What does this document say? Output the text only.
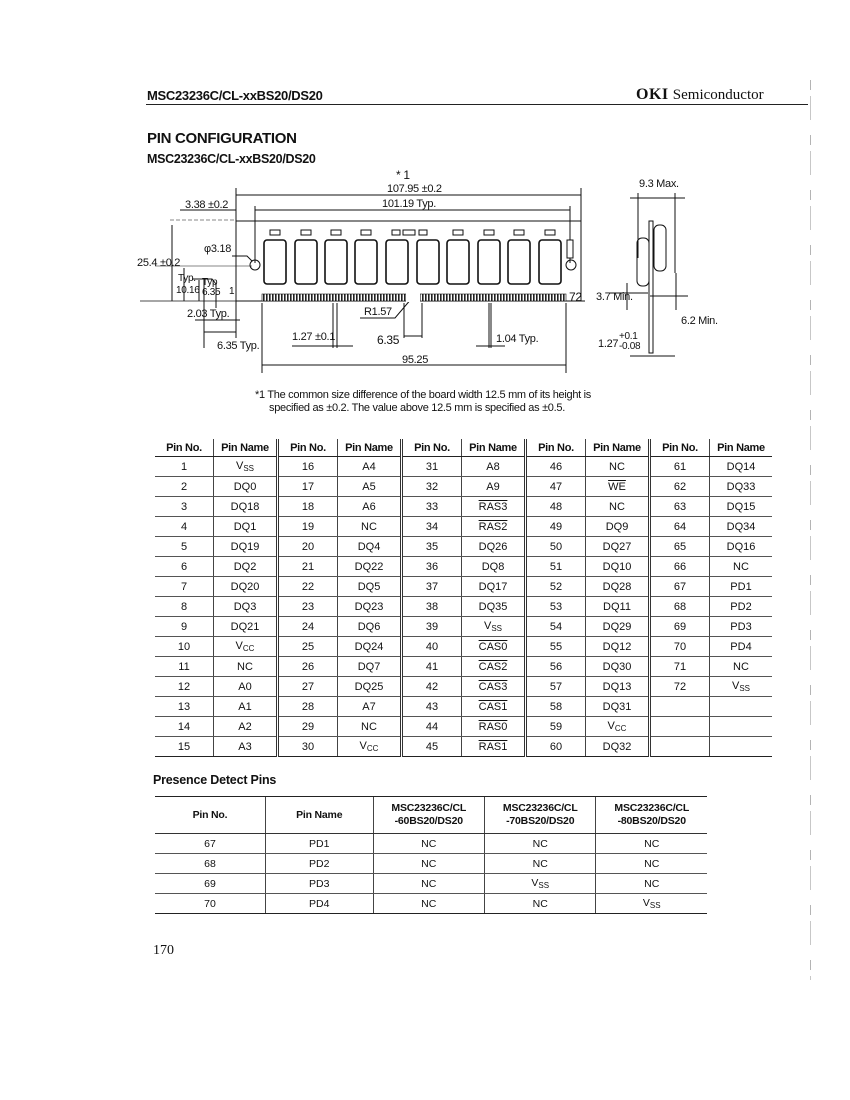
MSC23236C/CL-xxBS20/DS20	OKI Semiconductor
PIN CONFIGURATION
MSC23236C/CL-xxBS20/DS20
* 1
107.95 ±0.2
101.19 Typ.
3.38 ±0.2
φ3.18
25.4 ±0.2
Typ.
10.16
Typ
6.35 1	72
2.03 Typ.
6.35 Typ.
1.27 ±0.1
R1.57
6.35	1.04 Typ.
95.25
9.3 Max.
3.7 Min.
6.2 Min.
1.27
+0.1
-0.08
*1 The common size difference of the board width 12.5 mm of its height is
specified as ±0.2. The value above 12.5 mm is specified as ±0.5.
Pin No.	Pin Name	Pin No.	Pin Name	Pin No.	Pin Name	Pin No.	Pin Name	Pin No.	Pin Name
1	$V_{SS}$	16	A4	31	A8	46	NC	61	DQ14
2	DQ0	17	A5	32	A9	47	$\overline{WE}$	62	DQ33
3	DQ18	18	A6	33	RAS3	48	NC	63	DQ15
4	DQ1	19	NC	34	RAS2	49	DQ9	64	DQ34
5	DQ19	20	DQ4	35	DQ26	50	DQ27	65	DQ16
6	DQ2	21	DQ22	36	DQ8	51	DQ10	66	NC
7	DQ20	22	DQ5	37	DQ17	52	DQ28	67	PD1
8	DQ3	23	DQ23	38	DQ35	53	DQ11	68	PD2
9	DQ21	24	DQ6	39	$V_{SS}$	54	DQ29	69	PD3
10	$V_{CC}$	25	DQ24	40	CAS0	55	DQ12	70	PD4
11	NC	26	DQ7	41	CAS2	56	DQ30	71	NC
12	A0	27	DQ25	42	CAS3	57	DQ13	72	$V_{SS}$
13	A1	28	A7	43	CAS1	58	DQ31		
14	A2	29	NC	44	RAS0	59	$V_{CC}$		
15	A3	30	$V_{CC}$	45	RAS1	60	DQ32		
Presence Detect Pins
Pin No.	Pin Name	MSC23236C/CL
-60BS20/DS20	MSC23236C/CL
-70BS20/DS20	MSC23236C/CL
-80BS20/DS20
67	PD1	NC	NC	NC
68	PD2	NC	NC	NC
69	PD3	NC	$V_{SS}$	NC
70	PD4	NC	NC	$V_{SS}$
170
